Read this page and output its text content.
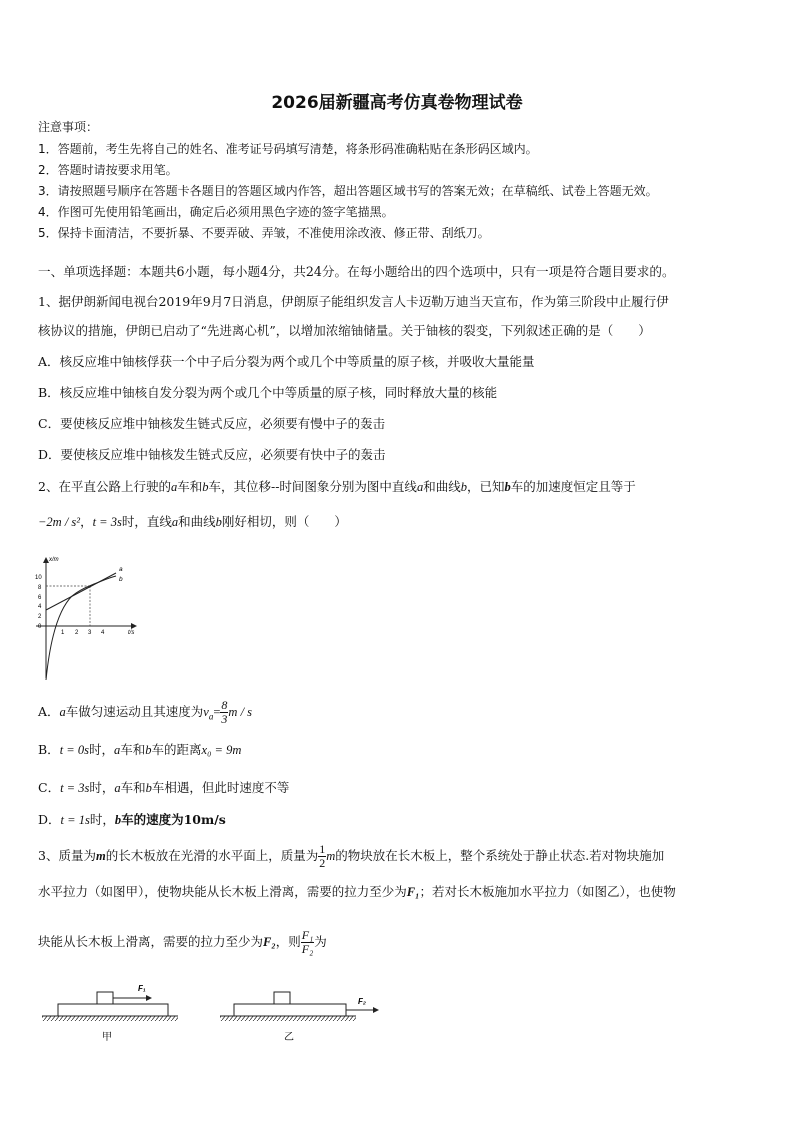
2026届新疆高考仿真卷物理试卷
注意事项：
1．答题前，考生先将自己的姓名、准考证号码填写清楚，将条形码准确粘贴在条形码区域内。
2．答题时请按要求用笔。
3．请按照题号顺序在答题卡各题目的答题区域内作答，超出答题区域书写的答案无效；在草稿纸、试卷上答题无效。
4．作图可先使用铅笔画出，确定后必须用黑色字迹的签字笔描黑。
5．保持卡面清洁，不要折暴、不要弄破、弄皱，不准使用涂改液、修正带、刮纸刀。
一、单项选择题：本题共6小题，每小题4分，共24分。在每小题给出的四个选项中，只有一项是符合题目要求的。
1、据伊朗新闻电视台2019年9月7日消息，伊朗原子能组织发言人卡迈勒万迪当天宣布，作为第三阶段中止履行伊
核协议的措施，伊朗已启动了“先进离心机”，以增加浓缩铀储量。关于铀核的裂变，下列叙述正确的是（　　）
A．核反应堆中铀核俘获一个中子后分裂为两个或几个中等质量的原子核，并吸收大量能量
B．核反应堆中铀核自发分裂为两个或几个中等质量的原子核，同时释放大量的核能
C．要使核反应堆中铀核发生链式反应，必须要有慢中子的轰击
D．要使核反应堆中铀核发生链式反应，必须要有快中子的轰击
2、在平直公路上行驶的a车和b车，其位移--时间图象分别为图中直线a和曲线b，已知b车的加速度恒定且等于
−2m / s²，t = 3s时，直线a和曲线b刚好相切，则（　　）
x/m
t/s
10
8
6
4
2
0
1 2 3 4
a
b
A．a车做匀速运动且其速度为$v_a= \frac{8}{3}$ m / s
B．t = 0s时，a车和b车的距离x₀ = 9m
C．t = 3s时，a车和b车相遇，但此时速度不等
D．t = 1s时，b车的速度为10m/s
3、质量为m的长木板放在光滑的水平面上，质量为 $\frac{1}{2}$ m的物块放在长木板上，整个系统处于静止状态.若对物块施加
水平拉力（如图甲），使物块能从长木板上滑离，需要的拉力至少为F₁；若对长木板施加水平拉力（如图乙），也使物
块能从长木板上滑离，需要的拉力至少为F₂，则 $\frac{\text{F₁}}{\text{F₂}}$ 为
F₁
甲
F₂
乙
